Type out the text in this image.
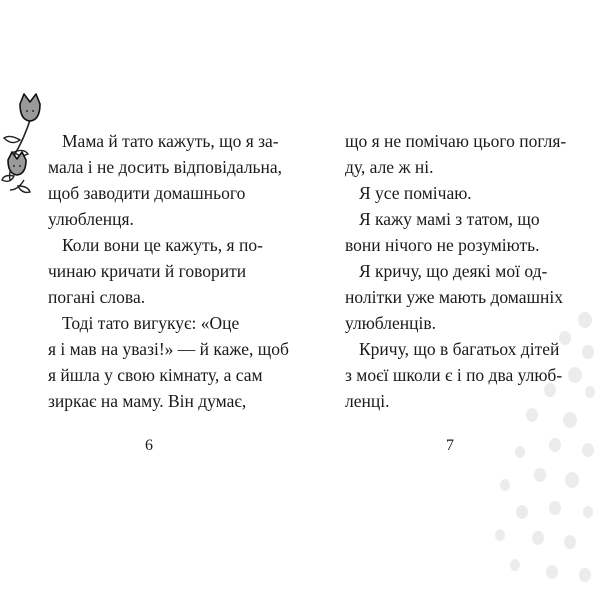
Мама й тато кажуть, що я за-
мала і не досить відповідальна,
щоб заводити домашнього
улюбленця.
Коли вони це кажуть, я по-
чинаю кричати й говорити
погані слова.
Тоді тато вигукує: «Оце
я і мав на увазі!» — й каже, щоб
я йшла у свою кімнату, а сам
зиркає на маму. Він думає,
6
що я не помічаю цього погля-
ду, але ж ні.
Я усе помічаю.
Я кажу мамі з татом, що
вони нічого не розуміють.
Я кричу, що деякі мої од-
нолітки уже мають домашніх
улюбленців.
Кричу, що в багатьох дітей
з моєї школи є і по два улюб-
ленці.
7
